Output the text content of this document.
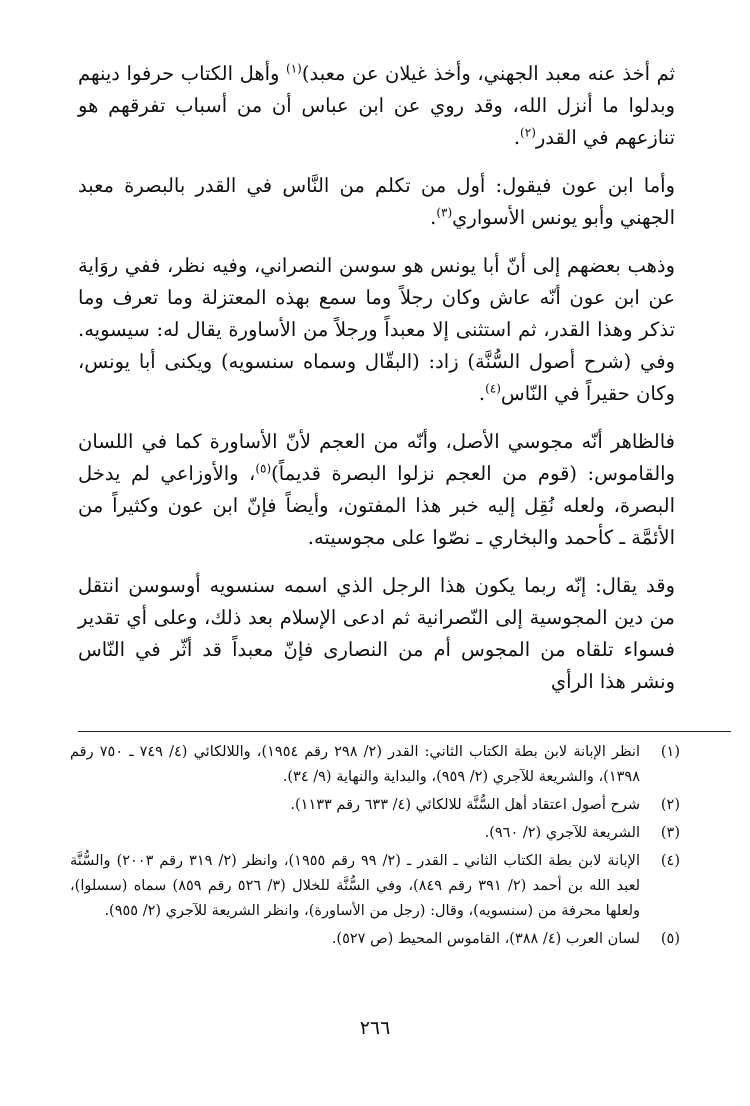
ثم أخذ عنه معبد الجهني، وأخذ غيلان عن معبد)$^{(١)}$ وأهل الكتاب حرفوا دينهم وبدلوا ما أنزل الله، وقد روي عن ابن عباس أن من أسباب تفرقهم هو تنازعهم في القدر$^{(٢)}$.

وأما ابن عون فيقول: أول من تكلم من النَّاس في القدر بالبصرة معبد الجهني وأبو يونس الأسواري$^{(٣)}$.

وذهب بعضهم إلى أنّ أبا يونس هو سوسن النصراني، وفيه نظر، ففي روَاية عن ابن عون أنّه عاش وكان رجلاً وما سمع بهذه المعتزلة وما تعرف وما تذكر وهذا القدر، ثم استثنى إلا معبداً ورجلاً من الأساورة يقال له: سيسويه. وفي (شرح أصول السُّنَّة) زاد: (البقّال وسماه سنسويه) ويكنى أبا يونس، وكان حقيراً في النّاس$^{(٤)}$.

فالظاهر أنّه مجوسي الأصل، وأنّه من العجم لأنّ الأساورة كما في اللسان والقاموس: (قوم من العجم نزلوا البصرة قديماً)$^{(٥)}$، والأوزاعي لم يدخل البصرة، ولعله نُقِل إليه خبر هذا المفتون، وأيضاً فإنّ ابن عون وكثيراً من الأئمَّة ـ كأحمد والبخاري ـ نصّوا على مجوسيته.

وقد يقال: إنّه ربما يكون هذا الرجل الذي اسمه سنسويه أوسوسن انتقل من دين المجوسية إلى النّصرانية ثم ادعى الإسلام بعد ذلك، وعلى أي تقدير فسواء تلقاه من المجوس أم من النصارى فإنّ معبداً قد أثّر في النّاس ونشر هذا الرأي

(١)
انظر الإبانة لابن بطة الكتاب الثاني: القدر (٢/ ٢٩٨ رقم ١٩٥٤)، واللالكائي (٤/ ٧٤٩ ـ ٧٥٠ رقم ١٣٩٨)، والشريعة للآجري (٢/ ٩٥٩)، والبداية والنهاية (٩/ ٣٤).
(٢)
شرح أصول اعتقاد أهل السُّنَّة للالكائي (٤/ ٦٣٣ رقم ١١٣٣).
(٣)
الشريعة للآجري (٢/ ٩٦٠).
(٤)
الإبانة لابن بطة الكتاب الثاني ـ القدر ـ (٢/ ٩٩ رقم ١٩٥٥)، وانظر (٢/ ٣١٩ رقم ٢٠٠٣) والسُّنَّة لعبد الله بن أحمد (٢/ ٣٩١ رقم ٨٤٩)، وفي السُّنَّة للخلال (٣/ ٥٢٦ رقم ٨٥٩) سماه (سسلوا)، ولعلها محرفة من (سنسويه)، وقال: (رجل من الأساورة)، وانظر الشريعة للآجري (٢/ ٩٥٥).
(٥)
لسان العرب (٤/ ٣٨٨)، القاموس المحيط (ص ٥٢٧).
٢٦٦
